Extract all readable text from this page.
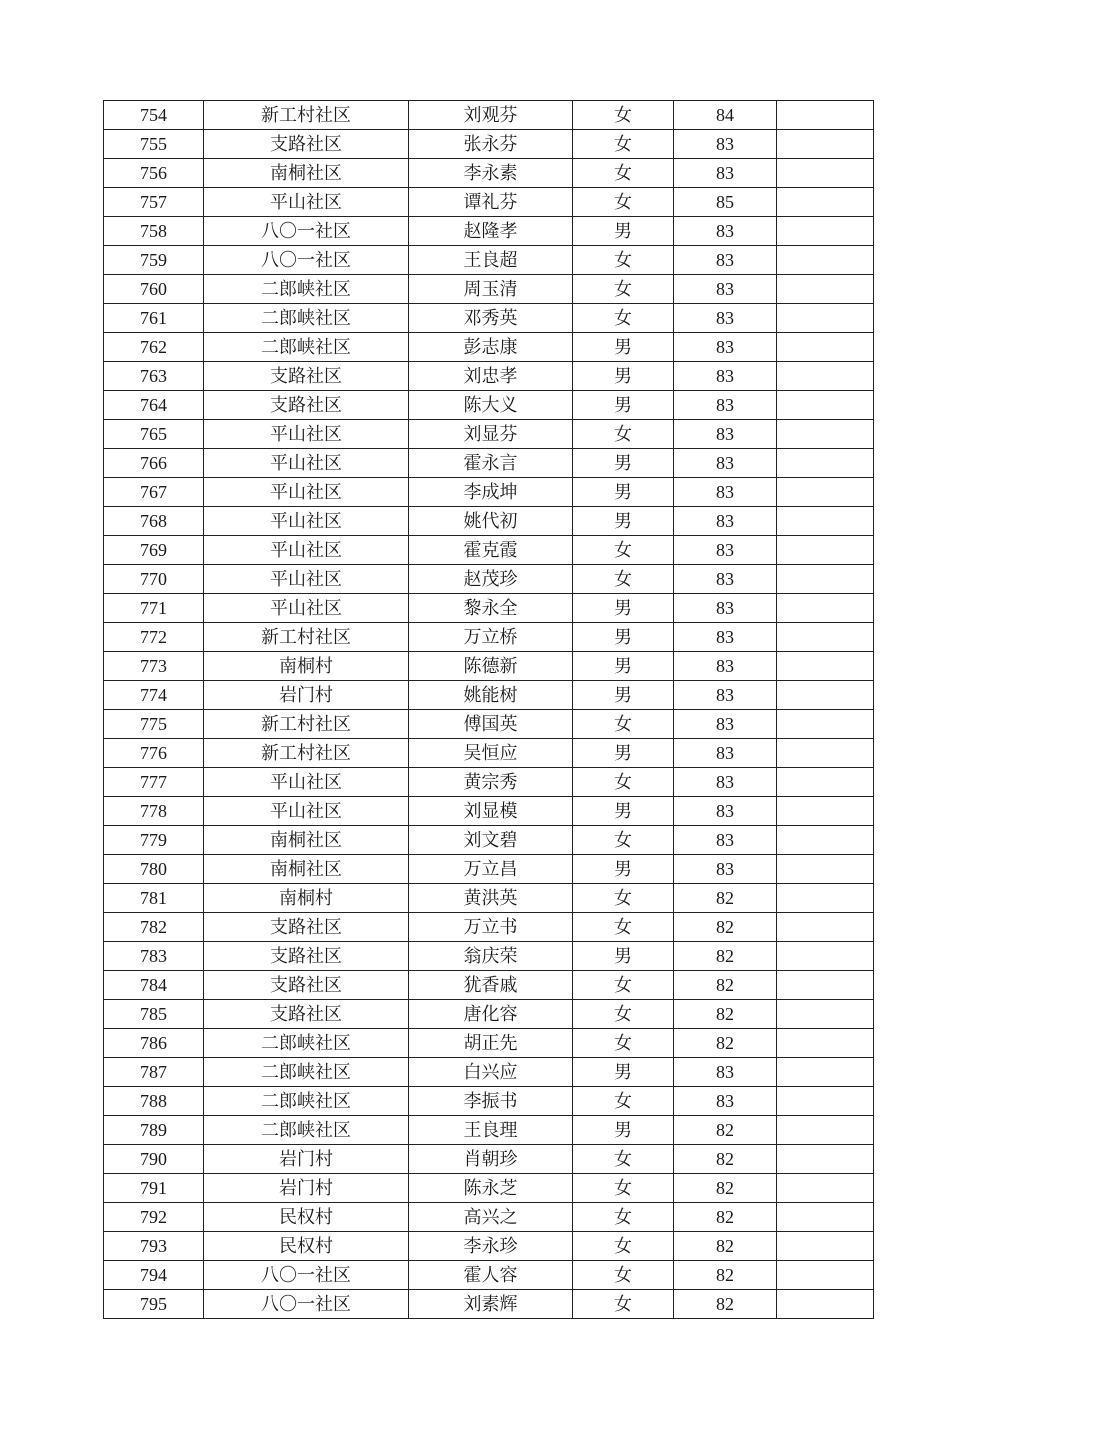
754	新工村社区	刘观芬	女	84	
755	支路社区	张永芬	女	83	
756	南桐社区	李永素	女	83	
757	平山社区	谭礼芬	女	85	
758	八〇一社区	赵隆孝	男	83	
759	八〇一社区	王良超	女	83	
760	二郎峡社区	周玉清	女	83	
761	二郎峡社区	邓秀英	女	83	
762	二郎峡社区	彭志康	男	83	
763	支路社区	刘忠孝	男	83	
764	支路社区	陈大义	男	83	
765	平山社区	刘显芬	女	83	
766	平山社区	霍永言	男	83	
767	平山社区	李成坤	男	83	
768	平山社区	姚代初	男	83	
769	平山社区	霍克霞	女	83	
770	平山社区	赵茂珍	女	83	
771	平山社区	黎永全	男	83	
772	新工村社区	万立桥	男	83	
773	南桐村	陈德新	男	83	
774	岩门村	姚能树	男	83	
775	新工村社区	傅国英	女	83	
776	新工村社区	吴恒应	男	83	
777	平山社区	黄宗秀	女	83	
778	平山社区	刘显模	男	83	
779	南桐社区	刘文碧	女	83	
780	南桐社区	万立昌	男	83	
781	南桐村	黄洪英	女	82	
782	支路社区	万立书	女	82	
783	支路社区	翁庆荣	男	82	
784	支路社区	犹香戚	女	82	
785	支路社区	唐化容	女	82	
786	二郎峡社区	胡正先	女	82	
787	二郎峡社区	白兴应	男	83	
788	二郎峡社区	李振书	女	83	
789	二郎峡社区	王良理	男	82	
790	岩门村	肖朝珍	女	82	
791	岩门村	陈永芝	女	82	
792	民权村	高兴之	女	82	
793	民权村	李永珍	女	82	
794	八〇一社区	霍人容	女	82	
795	八〇一社区	刘素辉	女	82	
